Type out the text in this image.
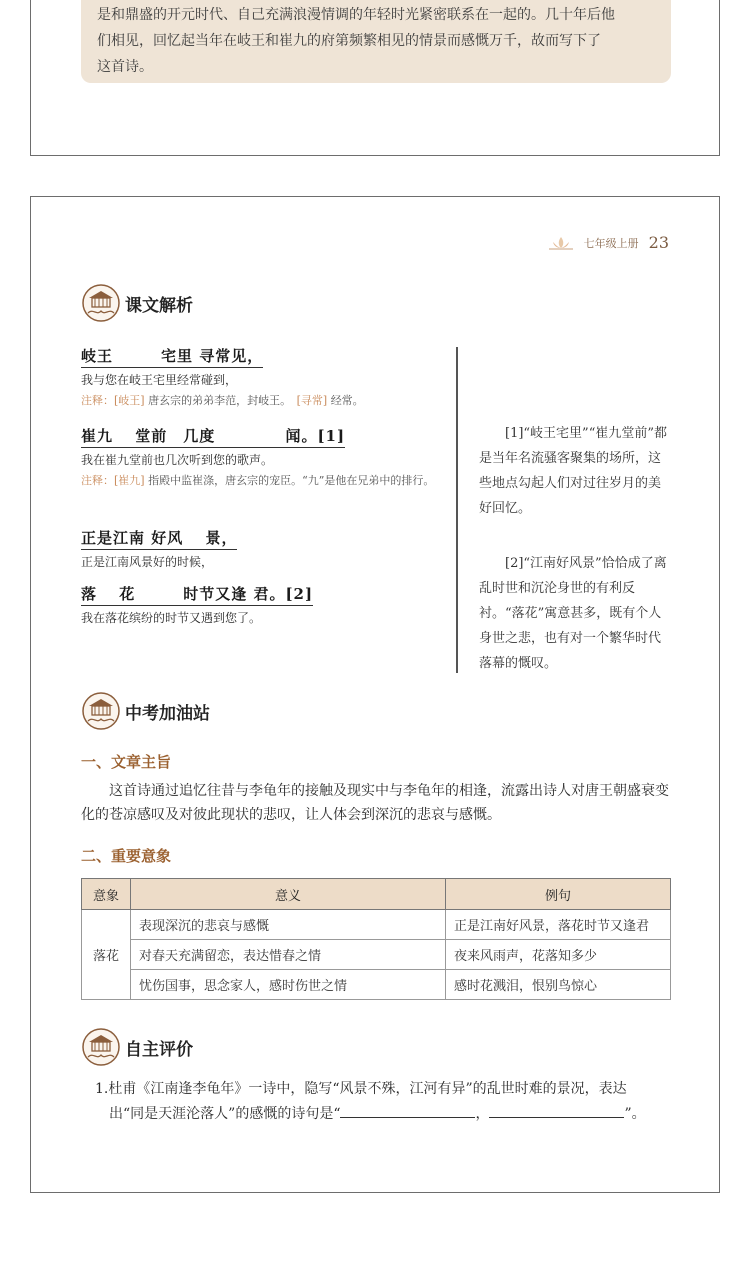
是和鼎盛的开元时代、自己充满浪漫情调的年轻时光紧密联系在一起的。几十年后他
们相见，回忆起当年在岐王和崔九的府第频繁相见的情景而感慨万千，故而写下了
这首诗。
七年级上册 23
课文解析
岐王　　　宅里 寻常见，
我与您在岐王宅里经常碰到，
注释：[岐王] 唐玄宗的弟弟李范，封岐王。　 [寻常] 经常。
崔九　 堂前　几度　　　　 闻。[1]
我在崔九堂前也几次听到您的歌声。
注释：[崔九] 指殿中监崔涤，唐玄宗的宠臣。“九”是他在兄弟中的排行。
正是江南 好风　 景，
正是江南风景好的时候，
落　 花　　　时节又逢 君。[2]
我在落花缤纷的时节又遇到您了。
[1]“岐王宅里”“崔九堂前”都是当年名流骚客聚集的场所，这些地点勾起人们对过往岁月的美好回忆。
[2]“江南好风景”恰恰成了离乱时世和沉沦身世的有利反衬。“落花”寓意甚多，既有个人身世之悲，也有对一个繁华时代落幕的慨叹。
中考加油站
一、文章主旨
这首诗通过追忆往昔与李龟年的接触及现实中与李龟年的相逢，流露出诗人对唐王朝盛衰变化的苍凉感叹及对彼此现状的悲叹，让人体会到深沉的悲哀与感慨。
二、重要意象
意象	意义	例句
落花	表现深沉的悲哀与感慨	正是江南好风景，落花时节又逢君
	对春天充满留恋，表达惜春之情	夜来风雨声，花落知多少
	忧伤国事，思念家人，感时伤世之情	感时花溅泪，恨别鸟惊心
自主评价
1.杜甫《江南逢李龟年》一诗中，隐写“风景不殊，江河有异”的乱世时难的景况，表达
出“同是天涯沦落人”的感慨的诗句是“	，	”。
